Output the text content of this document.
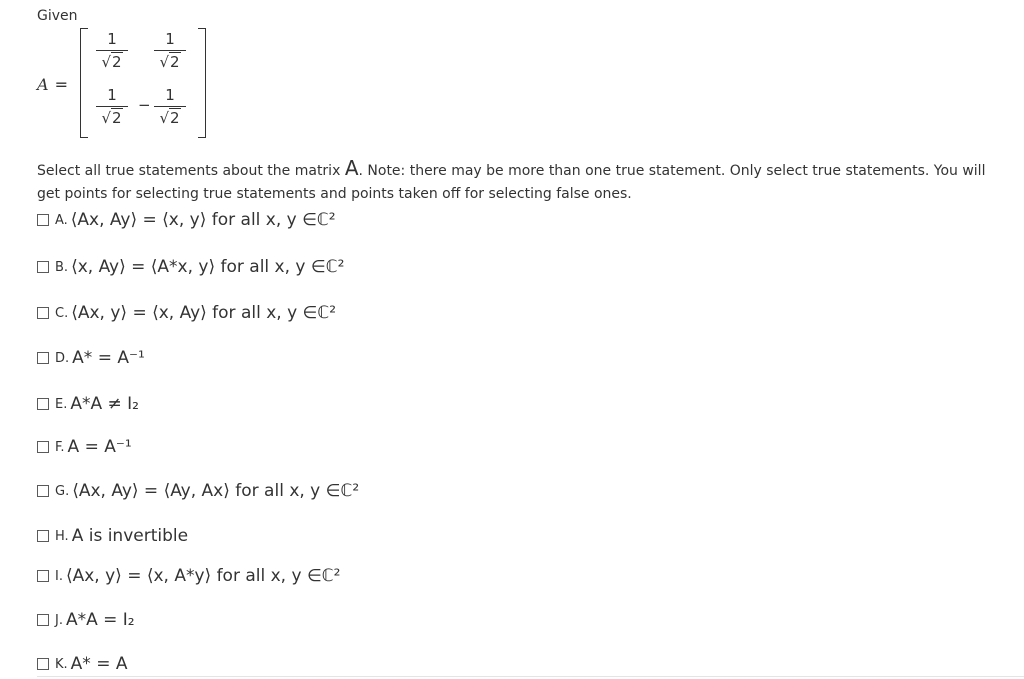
Given
A =
1
√2
1
√2
1
√2
−
1
√2
Select all true statements about the matrix A. Note: there may be more than one true statement. Only select true statements. You will get points for selecting true statements and points taken off for selecting false ones.
A. ⟨Ax, Ay⟩ = ⟨x, y⟩ for all x, y ∈ℂ²
B. ⟨x, Ay⟩ = ⟨A*x, y⟩ for all x, y ∈ℂ²
C. ⟨Ax, y⟩ = ⟨x, Ay⟩ for all x, y ∈ℂ²
D. A* = A⁻¹
E. A*A ≠ I₂
F. A = A⁻¹
G. ⟨Ax, Ay⟩ = ⟨Ay, Ax⟩ for all x, y ∈ℂ²
H. A is invertible
I. ⟨Ax, y⟩ = ⟨x, A*y⟩ for all x, y ∈ℂ²
J. A*A = I₂
K. A* = A
